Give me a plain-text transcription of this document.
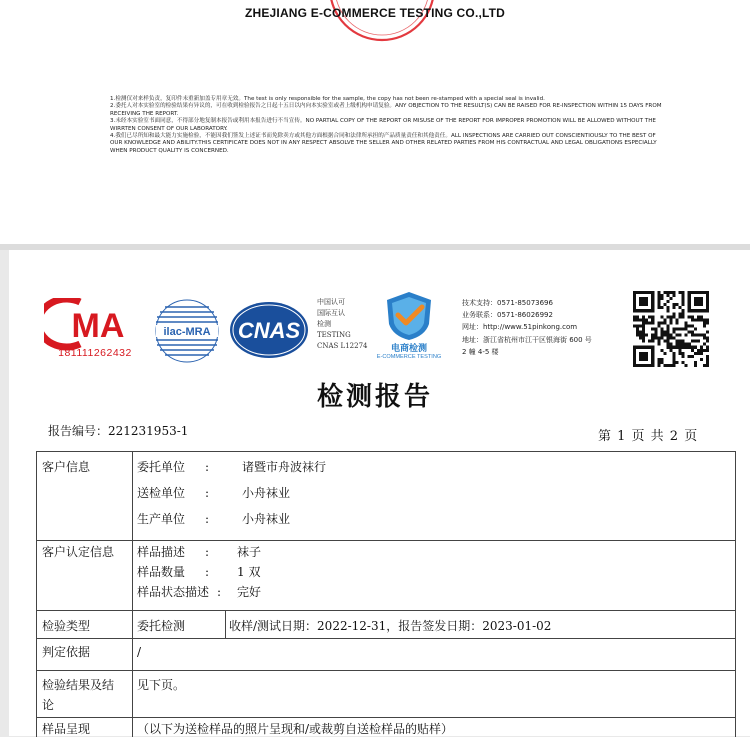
ZHEJIANG E-COMMERCE TESTING CO.,LTD
1.检测仅对来样负责，复印件未重新加盖专用章无效。The test is only responsible for the sample, the copy has not been re-stamped with a special seal is invalid.
2.委托人对本实验室的检验结果有异议的，可在收到检验报告之日起十五日以内向本实验室或者上级机构申请复验。ANY OBJECTION TO THE RESULT(S) CAN BE RAISED FOR RE-INSPECTION WITHIN 15 DAYS FROM RECEIVING THE REPORT.
3.未经本实验室书面同意，不得部分地复制本报告或利用本报告进行不当宣传。NO PARTIAL COPY OF THE REPORT OR MISUSE OF THE REPORT FOR IMPROPER PROMOTION WILL BE ALLOWED WITHOUT THE WIRRTEN CONSENT OF OUR LABORATORY.
4.我们已尽所知和最大能力实施检验，不能因我们签发上述证书而免除卖方或其他方面根据合同和法律所承担的产品质量责任和其他责任。ALL INSPECTIONS ARE CARRIED OUT CONSCIENTIOUSLY TO THE BEST OF OUR KNOWLEDGE AND ABILITY.THIS CERTIFICATE DOES NOT IN ANY RESPECT ABSOLVE THE SELLER AND OTHER RELATED PARTIES FROM HIS CONTRACTUAL AND LEGAL OBLIGATIONS ESPECIALLY WHEN PRODUCT QUALITY IS CONCERNED.
MA
181111262432
ilac-MRA CNAS
中国认可
国际互认
检测
TESTING
CNAS L12274	电商检测
E-COMMERCE TESTING
技术支持：0571-85073696
业务联系：0571-86026992
网址：http://www.51pinkong.com
地址：浙江省杭州市江干区银海街 600 号
2 幢 4-5 楼
检测报告
报告编号：221231953-1	第 1 页 共 2 页
客户信息	委托单位 :	诸暨市舟波袜行
送检单位 :	小舟袜业
生产单位 :	小舟袜业
客户认定信息 样品描述 : 袜子
样品数量 : 1 双
样品状态描述 : 完好
检验类型	委托检测	收样/测试日期：2022-12-31，报告签发日期：2023-01-02
判定依据	/
检验结果及结
论
见下页。
样品呈现	（以下为送检样品的照片呈现和/或裁剪自送检样品的贴样）
